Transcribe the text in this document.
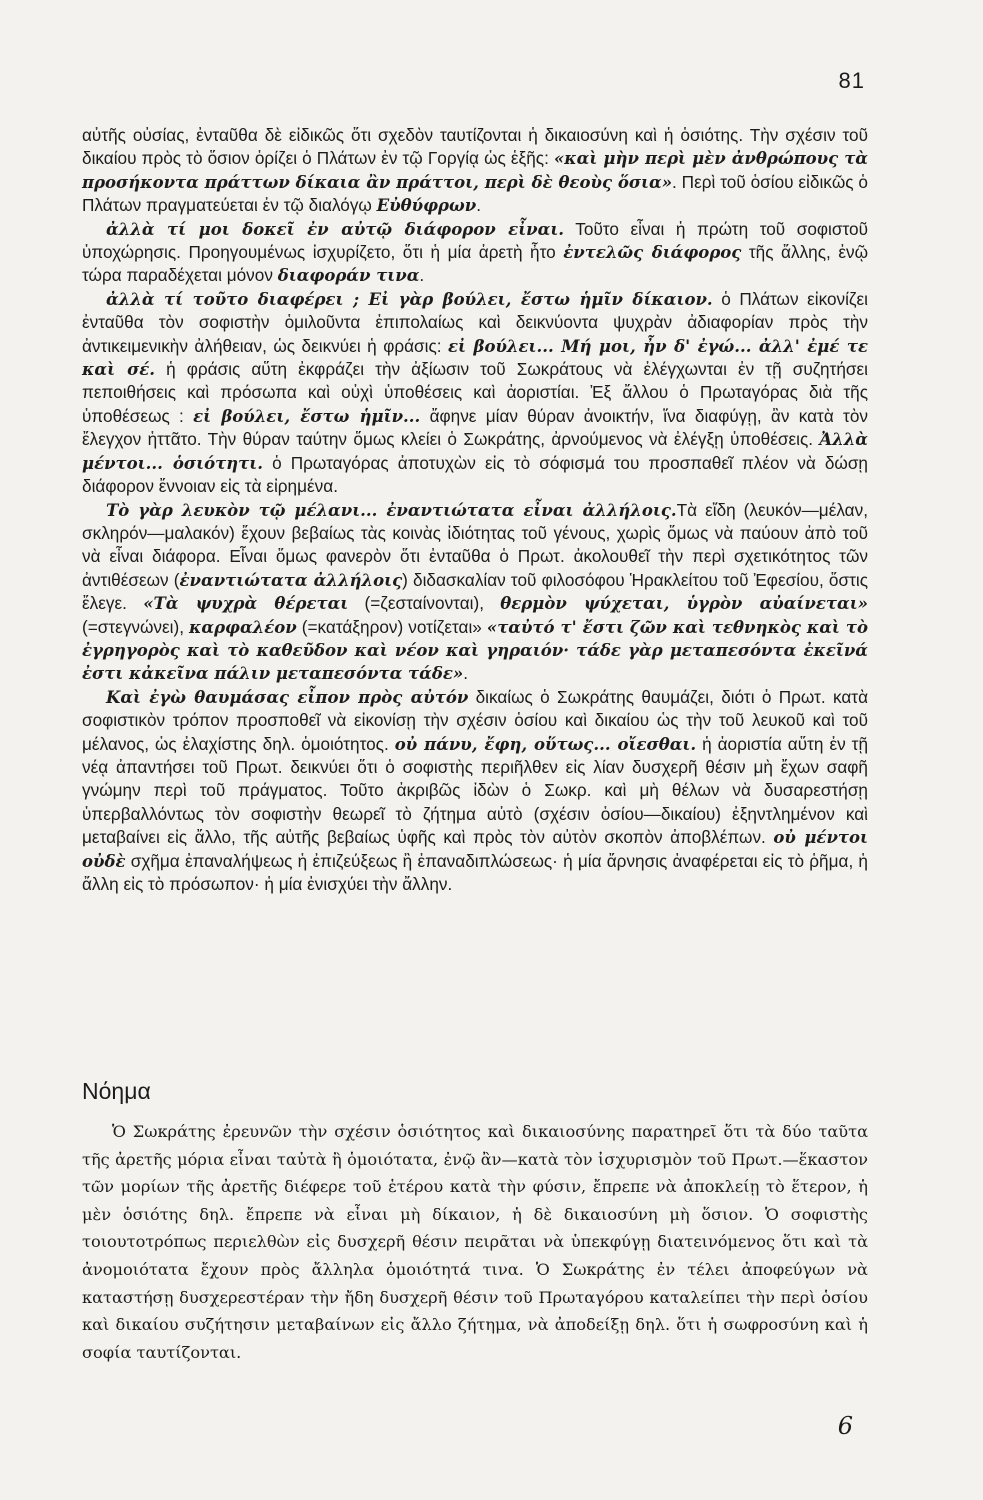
81

αὐτῆς οὐσίας, ἐνταῦθα δὲ εἰδικῶς ὅτι σχεδὸν ταυτίζονται ἡ δικαιοσύνη καὶ ἡ ὁσιότης. Τὴν σχέσιν τοῦ δικαίου πρὸς τὸ ὅσιον ὁρίζει ὁ Πλάτων ἐν τῷ Γοργίᾳ ὡς ἑξῆς: «καὶ μὴν περὶ μὲν ἀνθρώπους τὰ προσήκοντα πράττων δίκαια ἂν πράττοι, περὶ δὲ θεοὺς ὅσια». Περὶ τοῦ ὁσίου εἰδικῶς ὁ Πλάτων πραγματεύεται ἐν τῷ διαλόγῳ Εὐθύφρων.

ἀλλὰ τί μοι δοκεῖ ἐν αὐτῷ διάφορον εἶναι. Τοῦτο εἶναι ἡ πρώτη τοῦ σοφιστοῦ ὑποχώρησις. Προηγουμένως ἰσχυρίζετο, ὅτι ἡ μία ἀρετὴ ἦτο ἐντελῶς διάφορος τῆς ἄλλης, ἐνῷ τώρα παραδέχεται μόνον διαφοράν τινα.

ἀλλὰ τί τοῦτο διαφέρει ; Εἰ γὰρ βούλει, ἔστω ἡμῖν δίκαιον. ὁ Πλάτων εἰκονίζει ἐνταῦθα τὸν σοφιστὴν ὁμιλοῦντα ἐπιπολαίως καὶ δεικνύοντα ψυχρὰν ἀδιαφορίαν πρὸς τὴν ἀντικειμενικὴν ἀλήθειαν, ὡς δεικνύει ἡ φράσις: εἰ βούλει... Μή μοι, ἦν δ' ἐγώ... ἀλλ' ἐμέ τε καὶ σέ. ἡ φράσις αὕτη ἐκφράζει τὴν ἀξίωσιν τοῦ Σωκράτους νὰ ἐλέγχωνται ἐν τῇ συζητήσει πεποιθήσεις καὶ πρόσωπα καὶ οὐχὶ ὑποθέσεις καὶ ἀοριστίαι. Ἐξ ἄλλου ὁ Πρωταγόρας διὰ τῆς ὑποθέσεως : εἰ βούλει, ἔστω ἡμῖν... ἄφηνε μίαν θύραν ἀνοικτήν, ἵνα διαφύγῃ, ἂν κατὰ τὸν ἔλεγχον ἡττᾶτο. Τὴν θύραν ταύτην ὅμως κλείει ὁ Σωκράτης, ἀρνούμενος νὰ ἐλέγξῃ ὑποθέσεις. Ἀλλὰ μέντοι... ὁσιότητι. ὁ Πρωταγόρας ἀποτυχὼν εἰς τὸ σόφισμά του προσπαθεῖ πλέον νὰ δώσῃ διάφορον ἔννοιαν εἰς τὰ εἰρημένα.

Τὸ γὰρ λευκὸν τῷ μέλανι... ἐναντιώτατα εἶναι ἀλλήλοις.Τὰ εἴδη (λευκόν—μέλαν, σκληρόν—μαλακόν) ἔχουν βεβαίως τὰς κοινὰς ἰδιότητας τοῦ γένους, χωρὶς ὅμως νὰ παύουν ἀπὸ τοῦ νὰ εἶναι διάφορα. Εἶναι ὅμως φανερὸν ὅτι ἐνταῦθα ὁ Πρωτ. ἀκολουθεῖ τὴν περὶ σχετικότητος τῶν ἀντιθέσεων (ἐναντιώτατα ἀλλήλοις) διδασκαλίαν τοῦ φιλοσόφου Ἡρακλείτου τοῦ Ἐφεσίου, ὅστις ἔλεγε. «Τὰ ψυχρὰ θέρεται (=ζεσταίνονται), θερμὸν ψύχεται, ὑγρὸν αὐαίνεται» (=στεγνώνει), καρφαλέον (=κατάξηρον) νοτίζεται» «ταὐτό τ' ἔστι ζῶν καὶ τεθνηκὸς καὶ τὸ ἐγρηγορὸς καὶ τὸ καθεῦδον καὶ νέον καὶ γηραιόν· τάδε γὰρ μεταπεσόντα ἐκεῖνά ἐστι κἀκεῖνα πάλιν μεταπεσόντα τάδε».

Καὶ ἐγὼ θαυμάσας εἶπον πρὸς αὐτόν δικαίως ὁ Σωκράτης θαυμάζει, διότι ὁ Πρωτ. κατὰ σοφιστικὸν τρόπον προσποθεῖ νὰ εἰκονίσῃ τὴν σχέσιν ὁσίου καὶ δικαίου ὡς τὴν τοῦ λευκοῦ καὶ τοῦ μέλανος, ὡς ἐλαχίστης δηλ. ὁμοιότητος. οὐ πάνυ, ἔφη, οὕτως... οἴεσθαι. ἡ ἀοριστία αὕτη ἐν τῇ νέᾳ ἀπαντήσει τοῦ Πρωτ. δεικνύει ὅτι ὁ σοφιστὴς περιῆλθεν εἰς λίαν δυσχερῆ θέσιν μὴ ἔχων σαφῆ γνώμην περὶ τοῦ πράγματος. Τοῦτο ἀκριβῶς ἰδὼν ὁ Σωκρ. καὶ μὴ θέλων νὰ δυσαρεστήσῃ ὑπερβαλλόντως τὸν σοφιστὴν θεωρεῖ τὸ ζήτημα αὐτὸ (σχέσιν ὁσίου—δικαίου) ἐξηντλημένον καὶ μεταβαίνει εἰς ἄλλο, τῆς αὐτῆς βεβαίως ὑφῆς καὶ πρὸς τὸν αὐτὸν σκοπὸν ἀποβλέπων. οὐ μέντοι οὐδὲ σχῆμα ἐπαναλήψεως ἡ ἐπιζεύξεως ἢ ἐπαναδιπλώσεως· ἡ μία ἄρνησις ἀναφέρεται εἰς τὸ ῥῆμα, ἡ ἄλλη εἰς τὸ πρόσωπον· ἡ μία ἐνισχύει τὴν ἄλλην.

Νόημα

Ὁ Σωκράτης ἐρευνῶν τὴν σχέσιν ὁσιότητος καὶ δικαιοσύνης παρατηρεῖ ὅτι τὰ δύο ταῦτα τῆς ἀρετῆς μόρια εἶναι ταὐτὰ ἢ ὁμοιότατα, ἐνῷ ἂν—κατὰ τὸν ἰσχυρισμὸν τοῦ Πρωτ.—ἕκαστον τῶν μορίων τῆς ἀρετῆς διέφερε τοῦ ἑτέρου κατὰ τὴν φύσιν, ἔπρεπε νὰ ἀποκλείῃ τὸ ἕτερον, ἡ μὲν ὁσιότης δηλ. ἔπρεπε νὰ εἶναι μὴ δίκαιον, ἡ δὲ δικαιοσύνη μὴ ὅσιον. Ὁ σοφιστὴς τοιουτοτρόπως περιελθὼν εἰς δυσχερῆ θέσιν πειρᾶται νὰ ὑπεκφύγῃ διατεινόμενος ὅτι καὶ τὰ ἀνομοιότατα ἔχουν πρὸς ἄλληλα ὁμοιότητά τινα. Ὁ Σωκράτης ἐν τέλει ἀποφεύγων νὰ καταστήσῃ δυσχερεστέραν τὴν ἤδη δυσχερῆ θέσιν τοῦ Πρωταγόρου καταλείπει τὴν περὶ ὁσίου καὶ δικαίου συζήτησιν μεταβαίνων εἰς ἄλλο ζήτημα, νὰ ἀποδείξῃ δηλ. ὅτι ἡ σωφροσύνη καὶ ἡ σοφία ταυτίζονται.

6
